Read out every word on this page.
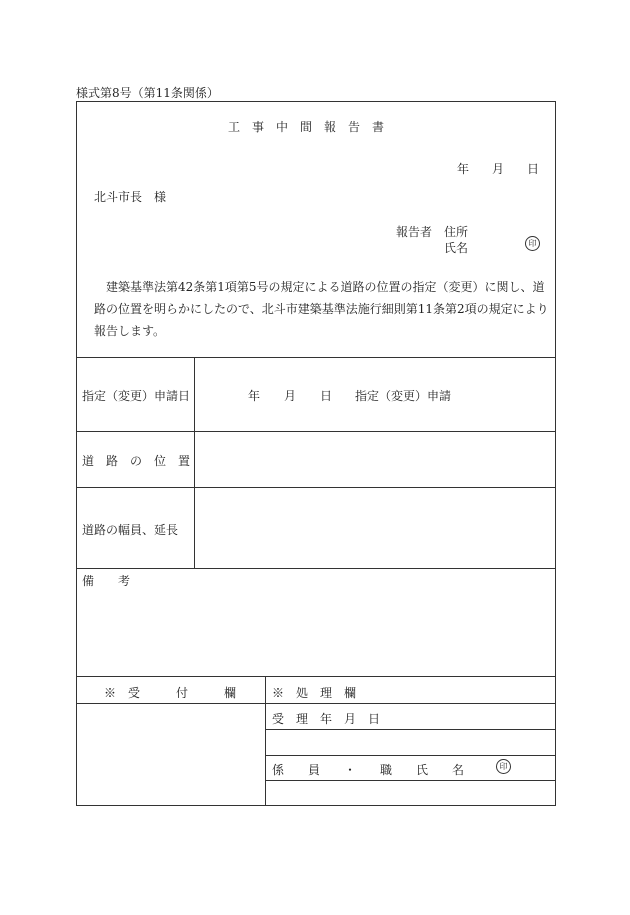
様式第8号（第11条関係）
工　事　中　間　報　告　書
年 月 日
北斗市長　様
報告者 住所
氏名	印

建築基準法第42条第1項第5号の規定による道路の位置の指定（変更）に関し、道路の位置を明らかにしたので、北斗市建築基準法施行細則第11条第2項の規定により報告します。

指定（変更）申請日	年 月 日 指定（変更）申請
道　路　の　位　置
道路の幅員、延長
備　　考
※　受　　　付　　　欄	※　処　理　欄
受　理　年　月　日
係　　員　　・　　職　　氏　　名	印
